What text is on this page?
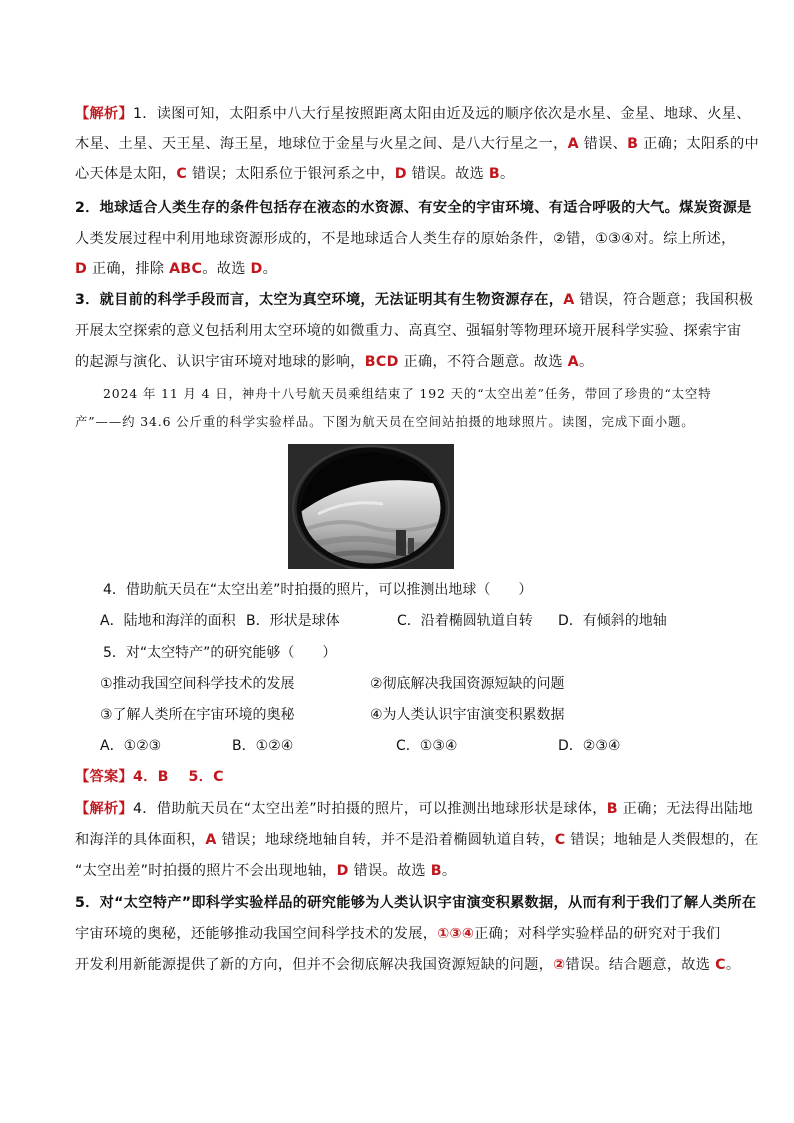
【解析】1．读图可知，太阳系中八大行星按照距离太阳由近及远的顺序依次是水星、金星、地球、火星、
木星、土星、天王星、海王星，地球位于金星与火星之间、是八大行星之一，A 错误、B 正确；太阳系的中
心天体是太阳，C 错误；太阳系位于银河系之中，D 错误。故选 B。
2．地球适合人类生存的条件包括存在液态的水资源、有安全的宇宙环境、有适合呼吸的大气。煤炭资源是
人类发展过程中利用地球资源形成的，不是地球适合人类生存的原始条件，②错，①③④对。综上所述，
D 正确，排除 ABC。故选 D。
3．就目前的科学手段而言，太空为真空环境，无法证明其有生物资源存在，A 错误，符合题意；我国积极
开展太空探索的意义包括利用太空环境的如微重力、高真空、强辐射等物理环境开展科学实验、探索宇宙
的起源与演化、认识宇宙环境对地球的影响，BCD 正确，不符合题意。故选 A。
2024 年 11 月 4 日，神舟十八号航天员乘组结束了 192 天的“太空出差”任务，带回了珍贵的“太空特
产”——约 34.6 公斤重的科学实验样品。下图为航天员在空间站拍摄的地球照片。读图，完成下面小题。
4．借助航天员在“太空出差”时拍摄的照片，可以推测出地球（　　）
A．陆地和海洋的面积 B．形状是球体	C．沿着椭圆轨道自转 D．有倾斜的地轴
5．对“太空特产”的研究能够（　　）
①推动我国空间科学技术的发展	②彻底解决我国资源短缺的问题
③了解人类所在宇宙环境的奥秘	④为人类认识宇宙演变积累数据
A．①②③	B．①②④	C．①③④	D．②③④
【答案】4．B　 5．C
【解析】4．借助航天员在“太空出差”时拍摄的照片，可以推测出地球形状是球体，B 正确；无法得出陆地
和海洋的具体面积，A 错误；地球绕地轴自转，并不是沿着椭圆轨道自转，C 错误；地轴是人类假想的，在
“太空出差”时拍摄的照片不会出现地轴，D 错误。故选 B。
5．对“太空特产”即科学实验样品的研究能够为人类认识宇宙演变积累数据，从而有利于我们了解人类所在
宇宙环境的奥秘，还能够推动我国空间科学技术的发展，①③④正确；对科学实验样品的研究对于我们
开发利用新能源提供了新的方向，但并不会彻底解决我国资源短缺的问题，②错误。结合题意，故选 C。
